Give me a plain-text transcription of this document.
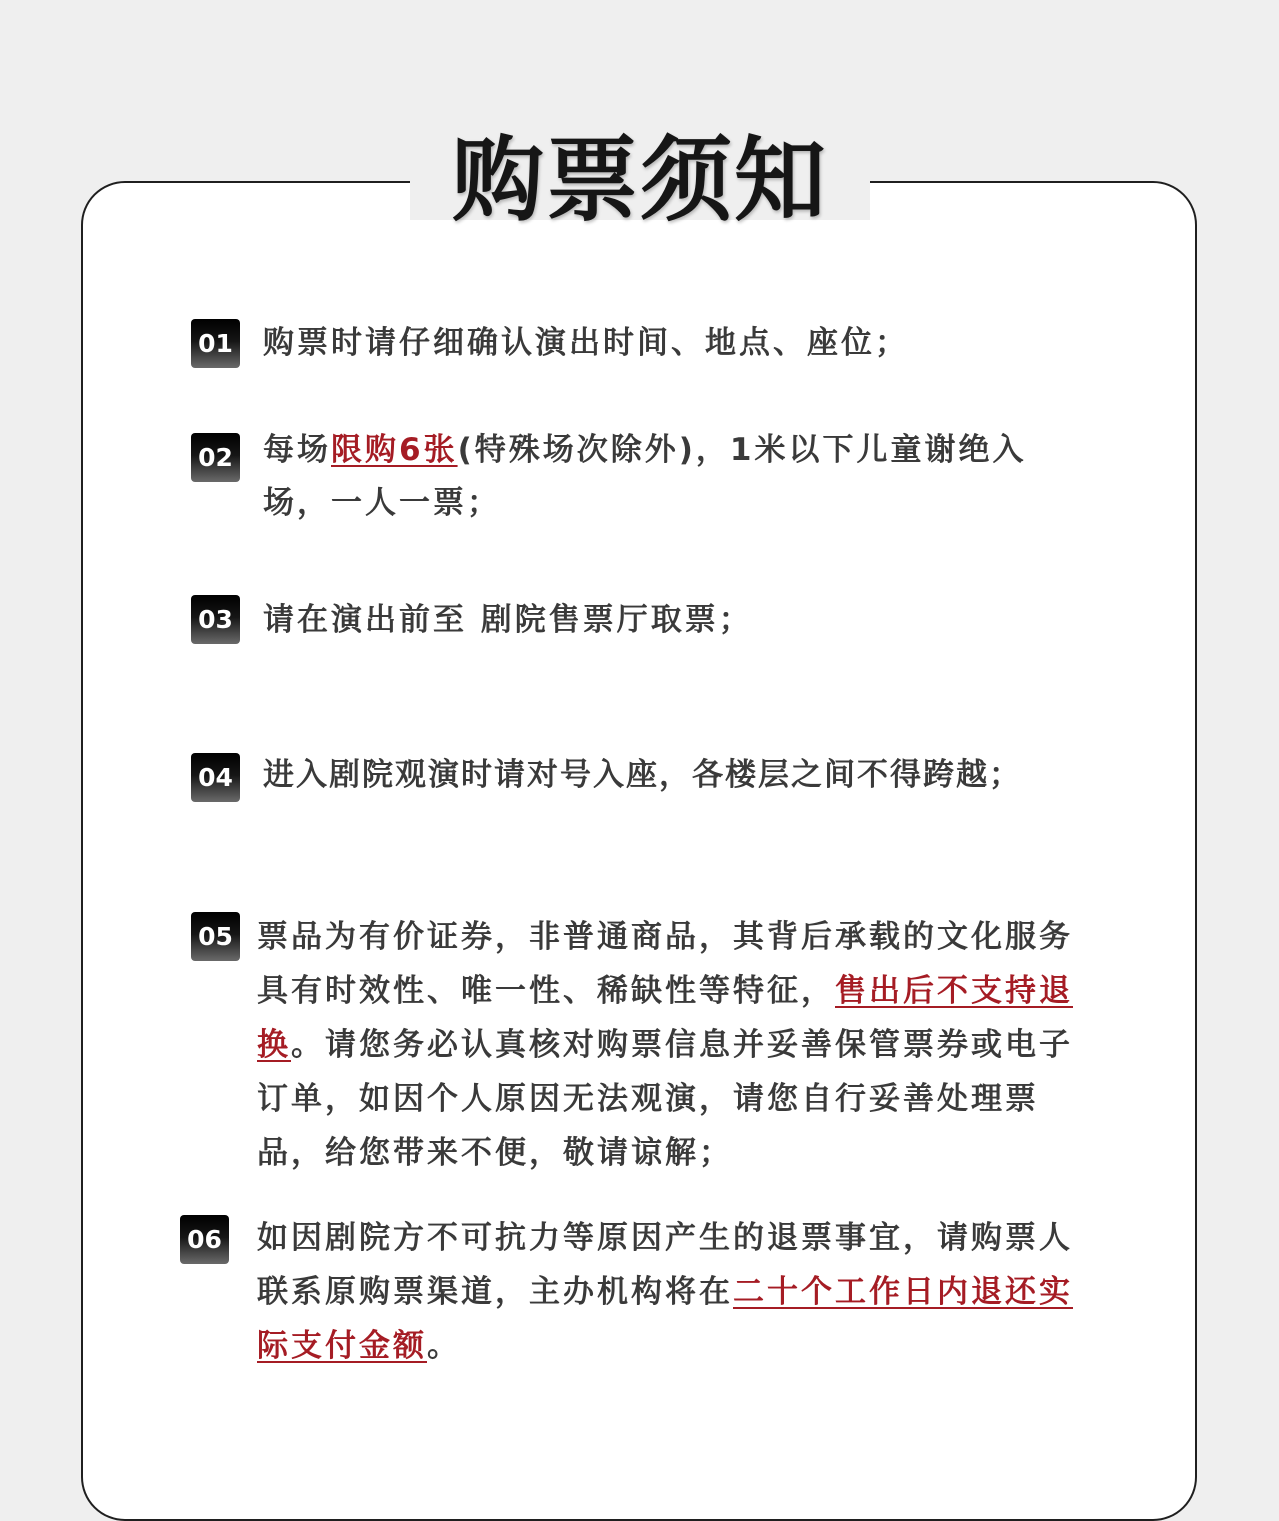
购票须知
01 购票时请仔细确认演出时间、地点、座位；

02 每场限购6张(特殊场次除外)，1米以下儿童谢绝入场，一人一票；

03 请在演出前至 剧院售票厅取票；

04 进入剧院观演时请对号入座，各楼层之间不得跨越；

05 票品为有价证券，非普通商品，其背后承载的文化服务具有时效性、唯一性、稀缺性等特征，售出后不支持退换。请您务必认真核对购票信息并妥善保管票券或电子订单，如因个人原因无法观演，请您自行妥善处理票品，给您带来不便，敬请谅解；

06 如因剧院方不可抗力等原因产生的退票事宜，请购票人联系原购票渠道，主办机构将在二十个工作日内退还实际支付金额。
